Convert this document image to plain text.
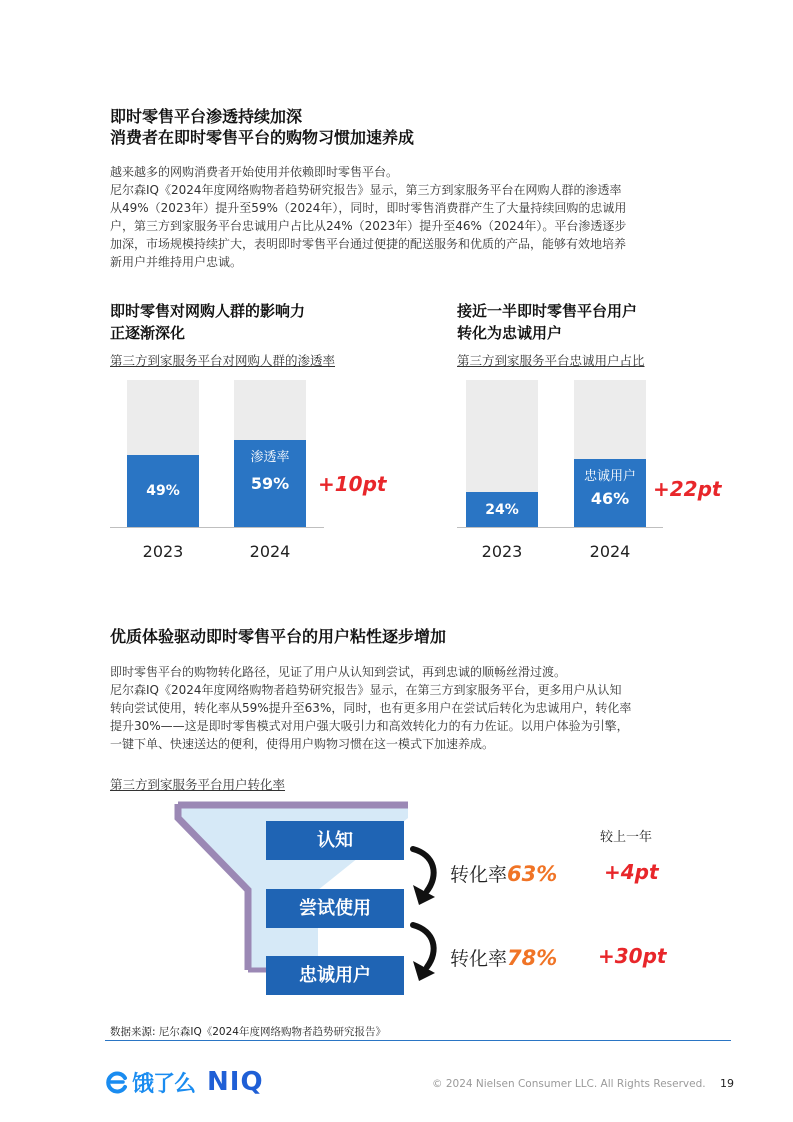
即时零售平台渗透持续加深
消费者在即时零售平台的购物习惯加速养成
越来越多的网购消费者开始使用并依赖即时零售平台。
尼尔森IQ《2024年度网络购物者趋势研究报告》显示，第三方到家服务平台在网购人群的渗透率
从49%（2023年）提升至59%（2024年），同时，即时零售消费群产生了大量持续回购的忠诚用
户，第三方到家服务平台忠诚用户占比从24%（2023年）提升至46%（2024年）。平台渗透逐步
加深，市场规模持续扩大，表明即时零售平台通过便捷的配送服务和优质的产品，能够有效地培养
新用户并维持用户忠诚。
即时零售对网购人群的影响力
正逐渐深化
第三方到家服务平台对网购人群的渗透率
49%
渗透率
59%
2023	2024
+10pt
接近一半即时零售平台用户
转化为忠诚用户
第三方到家服务平台忠诚用户占比
24%
忠诚用户
46%
2023	2024
+22pt
优质体验驱动即时零售平台的用户粘性逐步增加
即时零售平台的购物转化路径，见证了用户从认知到尝试，再到忠诚的顺畅丝滑过渡。
尼尔森IQ《2024年度网络购物者趋势研究报告》显示，在第三方到家服务平台，更多用户从认知
转向尝试使用，转化率从59%提升至63%，同时，也有更多用户在尝试后转化为忠诚用户，转化率
提升30%——这是即时零售模式对用户强大吸引力和高效转化力的有力佐证。以用户体验为引擎，
一键下单、快速送达的便利，使得用户购物习惯在这一模式下加速养成。
第三方到家服务平台用户转化率
认知
尝试使用
忠诚用户
较上一年
转化率63% +4pt
转化率78% +30pt
数据来源: 尼尔森IQ《2024年度网络购物者趋势研究报告》
饿了么 NIQ	© 2024 Nielsen Consumer LLC. All Rights Reserved. 19
